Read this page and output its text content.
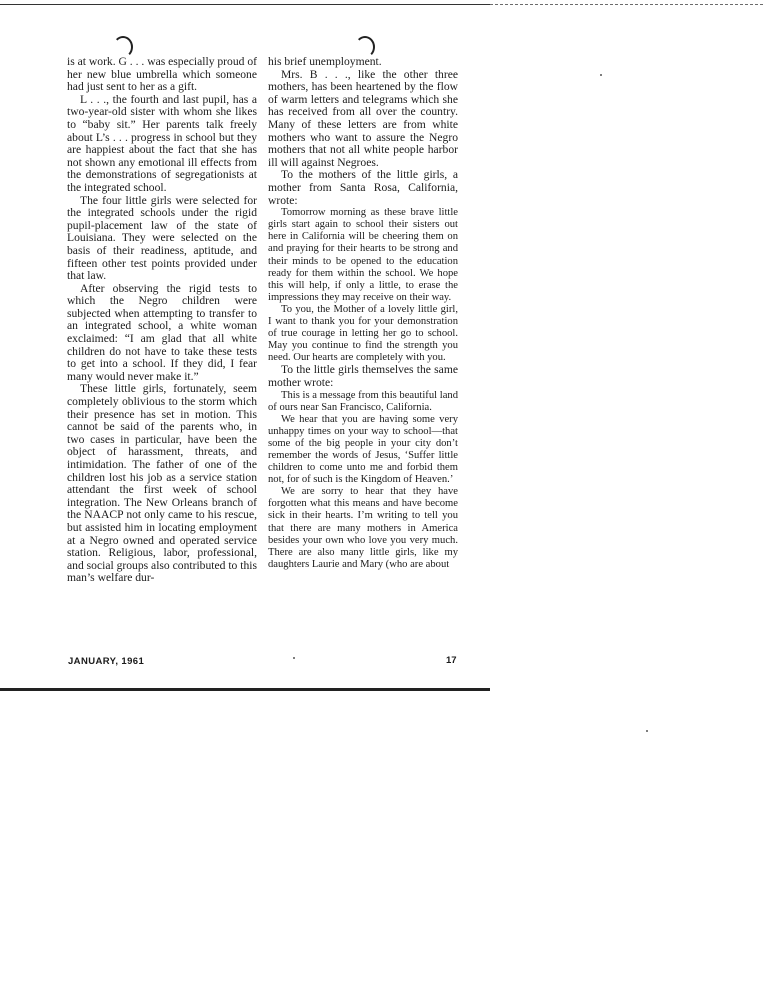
is at work. G . . . was especially proud of her new blue umbrella which someone had just sent to her as a gift.

L . . ., the fourth and last pupil, has a two-year-old sister with whom she likes to “baby sit.” Her parents talk freely about L’s . . . progress in school but they are happiest about the fact that she has not shown any emotional ill effects from the demonstrations of segregationists at the integrated school.

The four little girls were selected for the integrated schools under the rigid pupil-placement law of the state of Louisiana. They were selected on the basis of their readiness, aptitude, and fifteen other test points provided under that law.

After observing the rigid tests to which the Negro children were subjected when attempting to transfer to an integrated school, a white woman exclaimed: “I am glad that all white children do not have to take these tests to get into a school. If they did, I fear many would never make it.”

These little girls, fortunately, seem completely oblivious to the storm which their presence has set in motion. This cannot be said of the parents who, in two cases in particular, have been the object of harassment, threats, and intimidation. The father of one of the children lost his job as a service station attendant the first week of school integration. The New Orleans branch of the NAACP not only came to his rescue, but assisted him in locating employment at a Negro owned and operated service station. Religious, labor, professional, and social groups also contributed to this man’s welfare dur-

his brief unemployment.

Mrs. B . . ., like the other three mothers, has been heartened by the flow of warm letters and telegrams which she has received from all over the country. Many of these letters are from white mothers who want to assure the Negro mothers that not all white people harbor ill will against Negroes.

To the mothers of the little girls, a mother from Santa Rosa, California, wrote:

Tomorrow morning as these brave little girls start again to school their sisters out here in California will be cheering them on and praying for their hearts to be strong and their minds to be opened to the education ready for them within the school. We hope this will help, if only a little, to erase the impressions they may receive on their way.

To you, the Mother of a lovely little girl, I want to thank you for your demonstration of true courage in letting her go to school. May you continue to find the strength you need. Our hearts are completely with you.

To the little girls themselves the same mother wrote:

This is a message from this beautiful land of ours near San Francisco, California.

We hear that you are having some very unhappy times on your way to school—that some of the big people in your city don’t remember the words of Jesus, ‘Suffer little children to come unto me and forbid them not, for of such is the Kingdom of Heaven.’

We are sorry to hear that they have forgotten what this means and have become sick in their hearts. I’m writing to tell you that there are many mothers in America besides your own who love you very much. There are also many little girls, like my daughters Laurie and Mary (who are about

JANUARY, 1961	17
